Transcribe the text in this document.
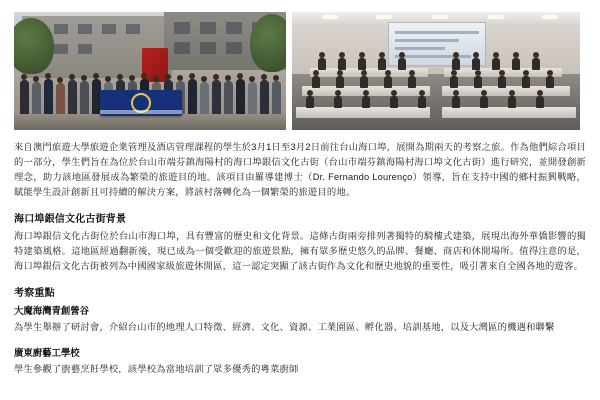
來自澳門旅遊大學旅遊企業管理及酒店管理課程的學生於3月1日至3月2日前往台山海口埠，展開為期兩天的考察之旅。作為他們綜合項目的一部分，學生們旨在為位於台山市端芬鎮海陽村的海口埠銀信文化古街（台山市端芬鎮海陽村海口埠文化古街）進行研究，並開發創新理念，助力該地區發展成為繁榮的旅遊目的地。該項目由羅導建博士（Dr. Fernando Lourenço）領導，旨在支持中國的鄉村振興戰略，賦能學生設計創新且可持續的解決方案，將該村落轉化為一個繁榮的旅遊目的地。

海口埠銀信文化古街背景

海口埠銀信文化古街位於台山市海口埠，具有豐富的歷史和文化背景。這條古街兩旁排列著獨特的騎樓式建築，展現出海外華僑影響的獨特建築風格。這地區經過翻新後，現已成為一個受歡迎的旅遊景點，擁有眾多歷史悠久的品牌、餐廳、商店和休閒場所。值得注意的是，海口埠銀信文化古街被列為中國國家級旅遊休閒區，這一認定突顯了該古街作為文化和歷史地貌的重要性，吸引著來自全國各地的遊客。

考察重點
大魔海灣青創營谷

為學生舉辦了研討會，介紹台山市的地理人口特徵、經濟、文化、資源、工業園區、孵化器、培訓基地，以及大灣區的機遇和聯繫

廣東廚藝工學校

學生參觀了廚藝烹飪學校，該學校為當地培訓了眾多優秀的粵菜廚師
